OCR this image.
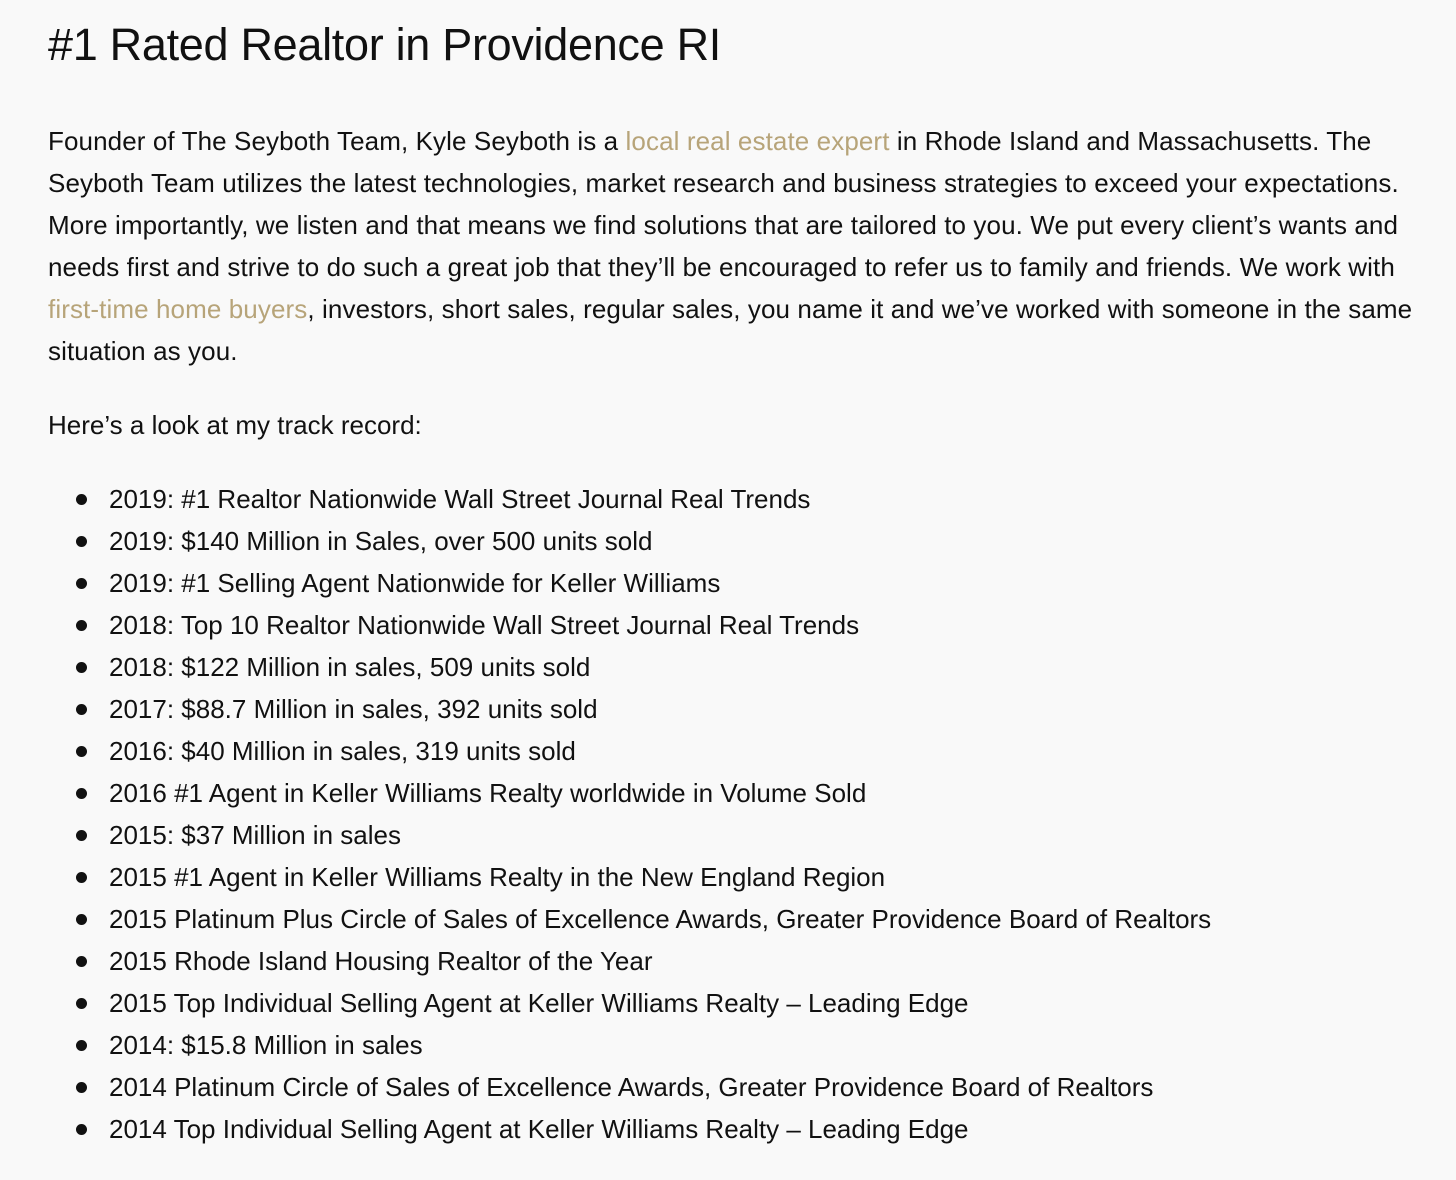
#1 Rated Realtor in Providence RI

Founder of The Seyboth Team, Kyle Seyboth is a local real estate expert in Rhode Island and Massachusetts. The Seyboth Team utilizes the latest technologies, market research and business strategies to exceed your expectations. More importantly, we listen and that means we find solutions that are tailored to you. We put every client’s wants and needs first and strive to do such a great job that they’ll be encouraged to refer us to family and friends. We work with first-time home buyers, investors, short sales, regular sales, you name it and we’ve worked with someone in the same situation as you.

Here’s a look at my track record:

2019: #1 Realtor Nationwide Wall Street Journal Real Trends
2019: $140 Million in Sales, over 500 units sold
2019: #1 Selling Agent Nationwide for Keller Williams
2018: Top 10 Realtor Nationwide Wall Street Journal Real Trends
2018: $122 Million in sales, 509 units sold
2017: $88.7 Million in sales, 392 units sold
2016: $40 Million in sales, 319 units sold
2016 #1 Agent in Keller Williams Realty worldwide in Volume Sold
2015: $37 Million in sales
2015 #1 Agent in Keller Williams Realty in the New England Region
2015 Platinum Plus Circle of Sales of Excellence Awards, Greater Providence Board of Realtors
2015 Rhode Island Housing Realtor of the Year
2015 Top Individual Selling Agent at Keller Williams Realty – Leading Edge
2014: $15.8 Million in sales
2014 Platinum Circle of Sales of Excellence Awards, Greater Providence Board of Realtors
2014 Top Individual Selling Agent at Keller Williams Realty – Leading Edge
